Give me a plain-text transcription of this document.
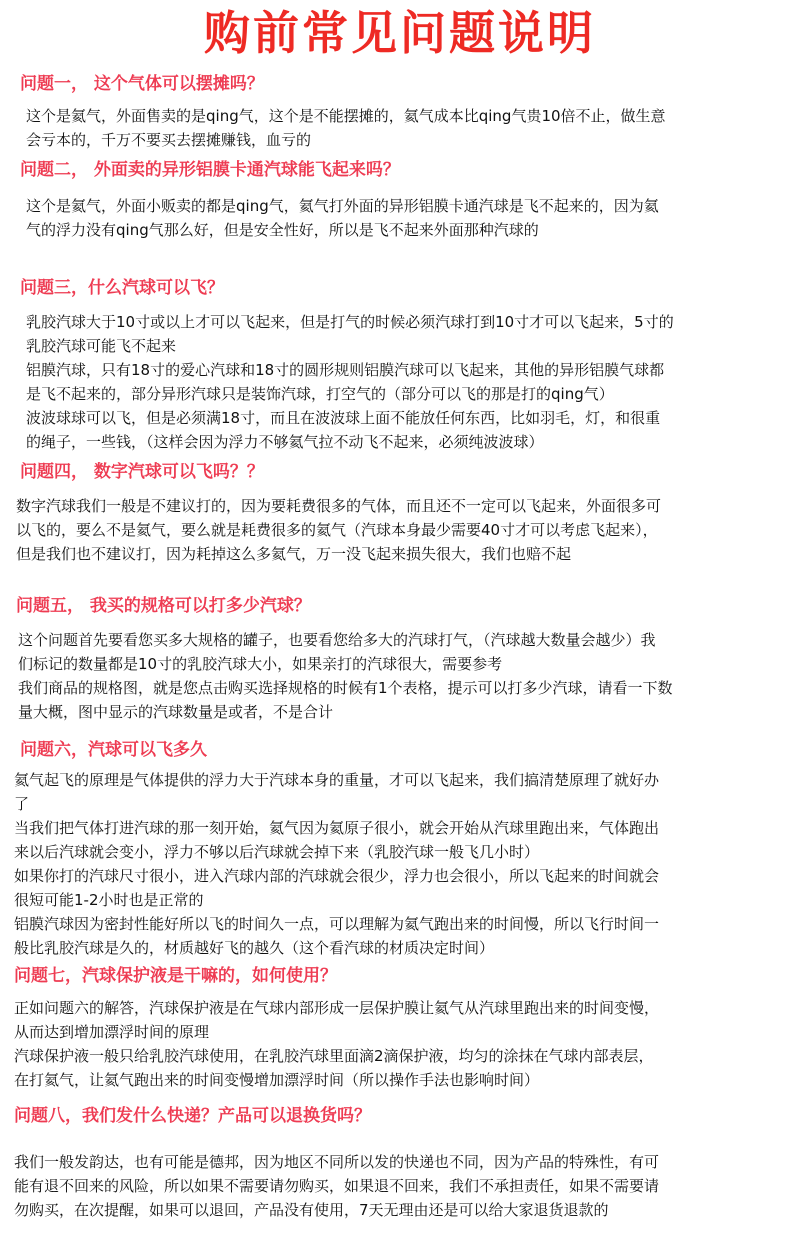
购前常见问题说明
问题一， 这个气体可以摆摊吗？
这个是氦气，外面售卖的是qing气，这个是不能摆摊的，氦气成本比qing气贵10倍不止，做生意
会亏本的，千万不要买去摆摊赚钱，血亏的
问题二， 外面卖的异形铝膜卡通汽球能飞起来吗？
这个是氦气，外面小贩卖的都是qing气，氦气打外面的异形铝膜卡通汽球是飞不起来的，因为氦
气的浮力没有qing气那么好，但是安全性好，所以是飞不起来外面那种汽球的
问题三，什么汽球可以飞？
乳胶汽球大于10寸或以上才可以飞起来，但是打气的时候必须汽球打到10寸才可以飞起来，5寸的
乳胶汽球可能飞不起来
铝膜汽球，只有18寸的爱心汽球和18寸的圆形规则铝膜汽球可以飞起来，其他的异形铝膜气球都
是飞不起来的，部分异形汽球只是装饰汽球，打空气的（部分可以飞的那是打的qing气）
波波球球可以飞，但是必须满18寸，而且在波波球上面不能放任何东西，比如羽毛，灯，和很重
的绳子，一些钱，（这样会因为浮力不够氦气拉不动飞不起来，必须纯波波球）
问题四， 数字汽球可以飞吗？？
数字汽球我们一般是不建议打的，因为要耗费很多的气体，而且还不一定可以飞起来，外面很多可
以飞的，要么不是氦气，要么就是耗费很多的氦气（汽球本身最少需要40寸才可以考虑飞起来），
但是我们也不建议打，因为耗掉这么多氦气，万一没飞起来损失很大，我们也赔不起
问题五， 我买的规格可以打多少汽球？
这个问题首先要看您买多大规格的罐子，也要看您给多大的汽球打气，（汽球越大数量会越少）我
们标记的数量都是10寸的乳胶汽球大小，如果亲打的汽球很大，需要参考
我们商品的规格图，就是您点击购买选择规格的时候有1个表格，提示可以打多少汽球，请看一下数
量大概，图中显示的汽球数量是或者，不是合计
问题六，汽球可以飞多久
氦气起飞的原理是气体提供的浮力大于汽球本身的重量，才可以飞起来，我们搞清楚原理了就好办
了
当我们把气体打进汽球的那一刻开始，氦气因为氦原子很小，就会开始从汽球里跑出来，气体跑出
来以后汽球就会变小，浮力不够以后汽球就会掉下来（乳胶汽球一般飞几小时）
如果你打的汽球尺寸很小，进入汽球内部的汽球就会很少，浮力也会很小，所以飞起来的时间就会
很短可能1-2小时也是正常的
铝膜汽球因为密封性能好所以飞的时间久一点，可以理解为氦气跑出来的时间慢，所以飞行时间一
般比乳胶汽球是久的，材质越好飞的越久（这个看汽球的材质决定时间）
问题七，汽球保护液是干嘛的，如何使用？
正如问题六的解答，汽球保护液是在气球内部形成一层保护膜让氦气从汽球里跑出来的时间变慢，
从而达到增加漂浮时间的原理
汽球保护液一般只给乳胶汽球使用，在乳胶汽球里面滴2滴保护液，均匀的涂抹在气球内部表层，
在打氦气，让氦气跑出来的时间变慢增加漂浮时间（所以操作手法也影响时间）
问题八，我们发什么快递？产品可以退换货吗？
我们一般发韵达，也有可能是德邦，因为地区不同所以发的快递也不同，因为产品的特殊性，有可
能有退不回来的风险，所以如果不需要请勿购买，如果退不回来，我们不承担责任，如果不需要请
勿购买，在次提醒，如果可以退回，产品没有使用，7天无理由还是可以给大家退货退款的
